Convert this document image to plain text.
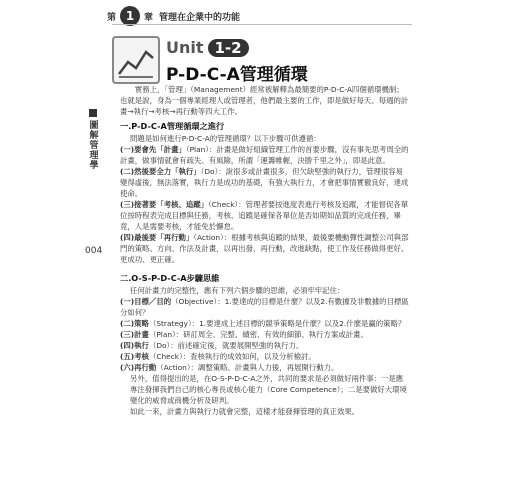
第 1	章 管理在企業中的功能
Unit 1-2
P-D-C-A管理循環
圖解管理學
004

實務上，「管理」（Management）經常被解釋為最簡要的P-D-C-A四個循環機制；也就是說，身為一個專業經理人或管理者，他們最主要的工作，即是做好每天、每週的計畫→執行→考核→再行動等四大工作。

一.P-D-C-A管理循環之進行

問題是如何進行P-D-C-A的管理循環？以下步驟可供遵循：

(一)要會先「計畫」（Plan）：計畫是做好組織管理工作的首要步驟，沒有事先思考周全的計畫，做事情就會有疏失、有風險，所謂「運籌帷幄，決勝千里之外」，即是此意。

(二)然後要全力「執行」（Do）：說很多或計畫很多，但欠缺堅強的執行力，管理很容易變得虛後，無法落實，執行力是成功的基礎，有強大執行力，才會把事情實徹良好，達成使命。

(三)接著要「考核、追蹤」（Check）：管理者要按進度表進行考核及追蹤，才能督促各單位按時程表完成目標與任務，考核、追蹤是確保各單位是否如期如品質的完成任務，畢竟，人是需要考核，才能免於懈怠。

(四)最後要「再行動」（Action）：根據考核與追蹤的結果，最後要機動彈性調整公司與部門的策略、方向、作法及計畫，以再出發、再行動，改進缺點，使工作及任務做得更好、更成功、更正確。

二.O-S-P-D-C-A步驟思維

任何計畫力的完整性，應有下列六個步驟的思維，必須牢牢記住：

(一)目標／目的（Objective）：1.要達成的目標是什麼？以及2.有數據及非數據的目標區分如何？

(二)策略（Strategy）：1.要達成上述目標的競爭策略是什麼？以及2.什麼是贏的策略？

(三)計畫（Plan）：研訂周全、完整、績密、有效的細節、執行方案或計畫。

(四)執行（Do）：前述確定後，就要展開堅強的執行力。

(五)考核（Check）：查核執行的成效如何，以及分析檢討。

(六)再行動（Action）：調整策略、計畫與人力後，再展開行動力。

另外，值得提出的是，在O-S-P-D-C-A之外，共同的要求是必須做好兩件事：一是應專注發揮我們自己的核心專長或核心能力（Core Competence）；二是要做好大環境變化的威脅或商機分析及研判。

如此一來，計畫力與執行力就會完整，這樣才能發揮管理的真正效果。
